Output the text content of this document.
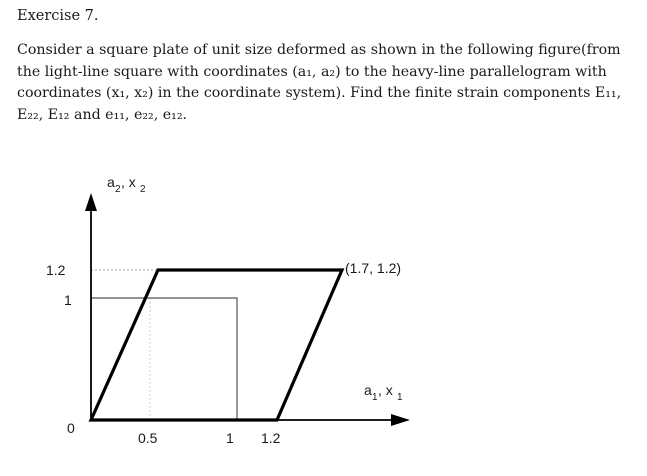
Exercise 7.
Consider a square plate of unit size deformed as shown in the following figure(from
the light-line square with coordinates (a₁, a₂) to the heavy-line parallelogram with
coordinates (x₁, x₂) in the coordinate system). Find the finite strain components E₁₁,
E₂₂, E₁₂ and e₁₁, e₂₂, e₁₂.
1.2
1
0
0.5	1 1.2
(1.7, 1.2)
a 2 , x 2
a 1 , x 1
